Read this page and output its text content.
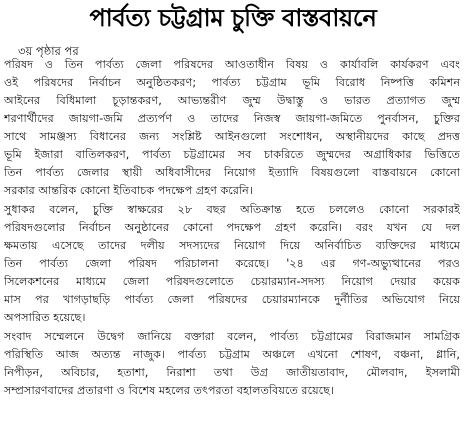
পার্বত্য চট্টগ্রাম চুক্তি বাস্তবায়নে
৩য় পৃষ্ঠার পর
পরিষদ ও তিন পার্বত্য জেলা পরিষদের আওতাধীন বিষয় ও কার্যাবলি কার্যকরণ এবং
ওই পরিষদের নির্বাচন অনুষ্ঠিতকরণ; পার্বত্য চট্টগ্রাম ভূমি বিরোধ নিষ্পত্তি কমিশন
আইনের বিধিমালা চূড়ান্তকরণ, আভ্যন্তরীণ জুম্ম উদ্বাস্তু ও ভারত প্রত্যাগত জুম্ম
শরণার্থীদের জায়গা-জমি প্রত্যর্পণ ও তাদের নিজস্ব জায়গা-জমিতে পুনর্বাসন, চুক্তির
সাথে সামঞ্জস্য বিধানের জন্য সংশ্লিষ্ট আইনগুলো সংশোধন, অস্থানীয়দের কাছে প্রদত্ত
ভূমি ইজারা বাতিলকরণ, পার্বত্য চট্টগ্রামের সব চাকরিতে জুম্মদের অগ্রাধিকার ভিত্তিতে
তিন পার্বত্য জেলার স্থায়ী অধিবাসীদের নিয়োগ ইত্যাদি বিষয়গুলো বাস্তবায়নে কোনো
সরকার আন্তরিক কোনো ইতিবাচক পদক্ষেপ গ্রহণ করেনি।
সুধাকর বলেন, চুক্তি স্বাক্ষরের ২৮ বছর অতিক্রান্ত হতে চললেও কোনো সরকারই
পরিষদগুলোর নির্বাচন অনুষ্ঠানের কোনো পদক্ষেপ গ্রহণ করেনি। বরং যখন যে দল
ক্ষমতায় এসেছে তাদের দলীয় সদস্যদের নিয়োগ দিয়ে অনির্বাচিত ব্যক্তিদের মাধ্যমে
তিন পার্বত্য জেলা পরিষদ পরিচালনা করেছে। '২৪ এর গণ-অভ্যুত্থানের পরও
সিলেকশনের মাধ্যমে জেলা পরিষদগুলোতে চেয়ারম্যান-সদস্য নিয়োগ দেয়ার কয়েক
মাস পর খাগড়াছড়ি পার্বত্য জেলা পরিষদের চেয়ারম্যানকে দুর্নীতির অভিযোগ নিয়ে
অপসারিত হয়েছে।
সংবাদ সম্মেলনে উদ্বেগ জানিয়ে বক্তারা বলেন, পার্বত্য চট্টগ্রামের বিরাজমান সামগ্রিক
পরিস্থিতি আজ অত্যন্ত নাজুক। পার্বত্য চট্টগ্রাম অঞ্চলে এখনো শোষণ, বঞ্চনা, গ্লানি,
নিপীড়ন, অবিচার, হতাশা, নিরাশা তথা উগ্র জাতীয়তাবাদ, মৌলবাদ, ইসলামী
সম্প্রসারণবাদের প্রতারণা ও বিশেষ মহলের তৎপরতা বহালতবিয়তে রয়েছে।
